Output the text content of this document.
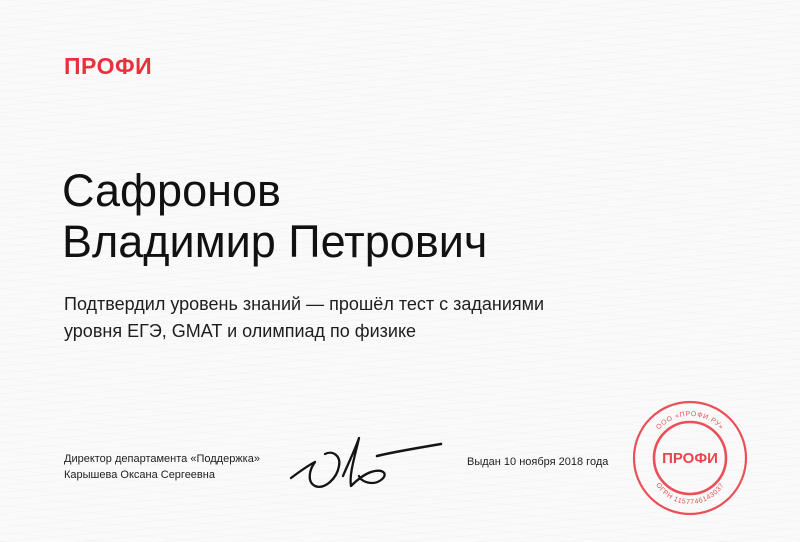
ПРОФИ
Сафронов
Владимир Петрович
Подтвердил уровень знаний — прошёл тест с заданиями
уровня ЕГЭ, GMAT и олимпиад по физике
Директор департамента «Поддержка»
Карышева Оксана Сергеевна
Выдан 10 ноября 2018 года
ООО «ПРОФИ.РУ»
ОГРН 1157746143037
ПРОФИ
